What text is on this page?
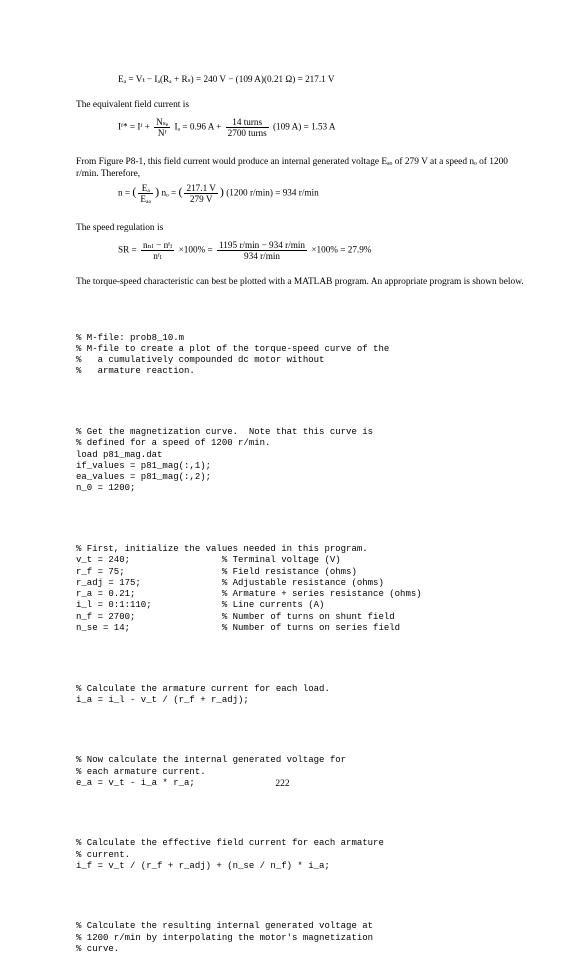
Eₐ = Vₜ − Iₐ(Rₐ + Rₛ) = 240 V − (109 A)(0.21 Ω) = 217.1 V
The equivalent field current is
Iᶠ* = Iᶠ + $\frac{\text{Nₛₑ}}{\text{Nᶠ}}$ Iₐ = 0.96 $A + \frac{\text{14 turns}}{\text{2700 turns}} (109$ A) = 1.53 A
From Figure P8-1, this field current would produce an internal generated voltage Eₐₒ of 279 V at a speed nₒ of 1200 r/min. Therefore,
n = ( $\frac{\text{Eₐ}}{\text{Eₐₒ}}$ ) nₒ = ( $\frac{217.1 V}{279 V}$ ) (1200 r/min) = 934 r/min
The speed regulation is
SR = $\frac{\text{nₙₗ − nᶠₗ}}{\text{nᶠₗ}} \times 100\% = \frac{1195 r/\min - 934 r/\min}{934 r/\min} \times 100\% = 27.9\%$
The torque-speed characteristic can best be plotted with a MATLAB program. An appropriate program is shown below.

% M-file: prob8_10.m
% M-file to create a plot of the torque-speed curve of the
%   a cumulatively compounded dc motor without
%   armature reaction.

% Get the magnetization curve.  Note that this curve is
% defined for a speed of 1200 r/min.
load p81_mag.dat
if_values = p81_mag(:,1);
ea_values = p81_mag(:,2);
n_0 = 1200;

% First, initialize the values needed in this program.
v_t = 240;                 % Terminal voltage (V)
r_f = 75;                  % Field resistance (ohms)
r_adj = 175;               % Adjustable resistance (ohms)
r_a = 0.21;                % Armature + series resistance (ohms)
i_l = 0:1:110;             % Line currents (A)
n_f = 2700;                % Number of turns on shunt field
n_se = 14;                 % Number of turns on series field

% Calculate the armature current for each load.
i_a = i_l - v_t / (r_f + r_adj);

% Now calculate the internal generated voltage for
% each armature current.
e_a = v_t - i_a * r_a;

% Calculate the effective field current for each armature
% current.
i_f = v_t / (r_f + r_adj) + (n_se / n_f) * i_a;

% Calculate the resulting internal generated voltage at
% 1200 r/min by interpolating the motor's magnetization
% curve.

222
